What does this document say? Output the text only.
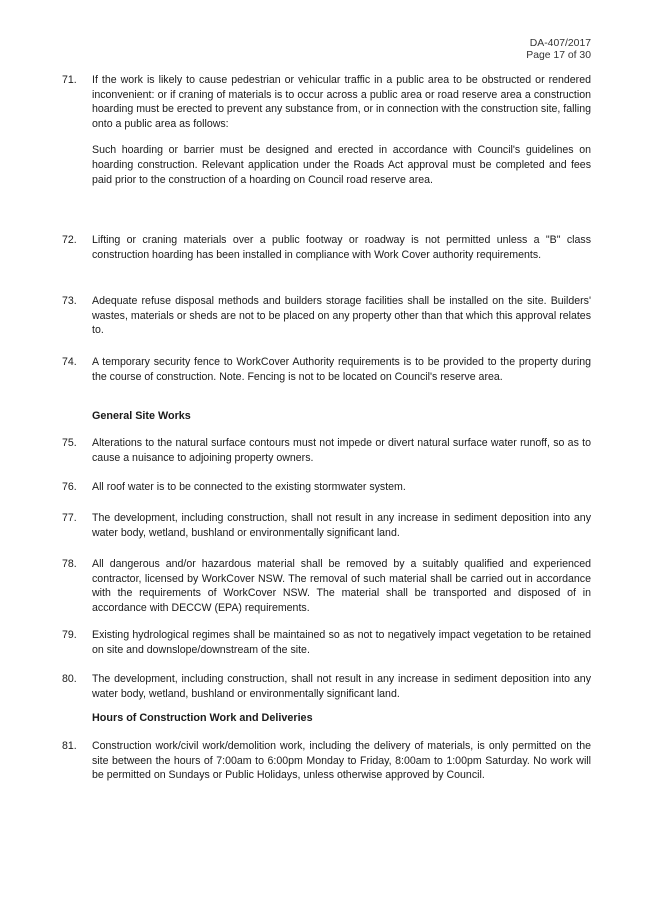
DA-407/2017
Page 17 of 30
71.	If the work is likely to cause pedestrian or vehicular traffic in a public area to be obstructed or rendered inconvenient: or if craning of materials is to occur across a public area or road reserve area a construction hoarding must be erected to prevent any substance from, or in connection with the construction site, falling onto a public area as follows:

Such hoarding or barrier must be designed and erected in accordance with Council's guidelines on hoarding construction. Relevant application under the Roads Act approval must be completed and fees paid prior to the construction of a hoarding on Council road reserve area.

72.	Lifting or craning materials over a public footway or roadway is not permitted unless a "B" class construction hoarding has been installed in compliance with Work Cover authority requirements.

73.	Adequate refuse disposal methods and builders storage facilities shall be installed on the site. Builders' wastes, materials or sheds are not to be placed on any property other than that which this approval relates to.

74.	A temporary security fence to WorkCover Authority requirements is to be provided to the property during the course of construction. Note. Fencing is not to be located on Council's reserve area.

General Site Works
75.	Alterations to the natural surface contours must not impede or divert natural surface water runoff, so as to cause a nuisance to adjoining property owners.

76.	All roof water is to be connected to the existing stormwater system.

77.	The development, including construction, shall not result in any increase in sediment deposition into any water body, wetland, bushland or environmentally significant land.

78.	All dangerous and/or hazardous material shall be removed by a suitably qualified and experienced contractor, licensed by WorkCover NSW. The removal of such material shall be carried out in accordance with the requirements of WorkCover NSW. The material shall be transported and disposed of in accordance with DECCW (EPA) requirements.

79.	Existing hydrological regimes shall be maintained so as not to negatively impact vegetation to be retained on site and downslope/downstream of the site.

80.	The development, including construction, shall not result in any increase in sediment deposition into any water body, wetland, bushland or environmentally significant land.

Hours of Construction Work and Deliveries
81.	Construction work/civil work/demolition work, including the delivery of materials, is only permitted on the site between the hours of 7:00am to 6:00pm Monday to Friday, 8:00am to 1:00pm Saturday. No work will be permitted on Sundays or Public Holidays, unless otherwise approved by Council.
